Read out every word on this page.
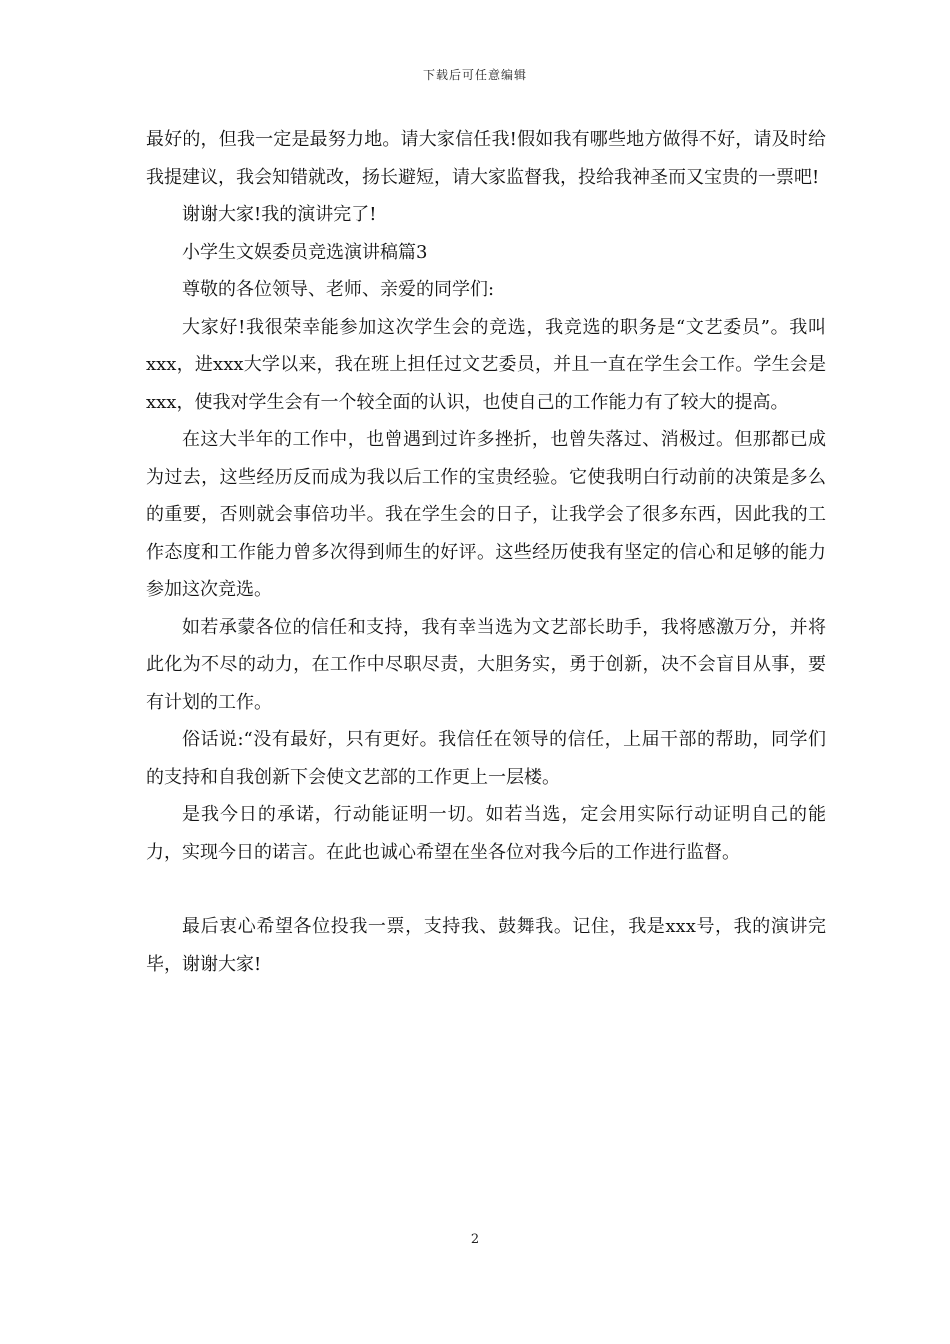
下载后可任意编辑

最好的，但我一定是最努力地。请大家信任我!假如我有哪些地方做得不好，请及时给我提建议，我会知错就改，扬长避短，请大家监督我，投给我神圣而又宝贵的一票吧!

谢谢大家!我的演讲完了!

小学生文娱委员竞选演讲稿篇3

尊敬的各位领导、老师、亲爱的同学们:

大家好!我很荣幸能参加这次学生会的竞选，我竞选的职务是“文艺委员”。我叫xxx，进xxx大学以来，我在班上担任过文艺委员，并且一直在学生会工作。学生会是xxx，使我对学生会有一个较全面的认识，也使自己的工作能力有了较大的提高。

在这大半年的工作中，也曾遇到过许多挫折，也曾失落过、消极过。但那都已成为过去，这些经历反而成为我以后工作的宝贵经验。它使我明白行动前的决策是多么的重要，否则就会事倍功半。我在学生会的日子，让我学会了很多东西，因此我的工作态度和工作能力曾多次得到师生的好评。这些经历使我有坚定的信心和足够的能力参加这次竞选。

如若承蒙各位的信任和支持，我有幸当选为文艺部长助手，我将感激万分，并将此化为不尽的动力，在工作中尽职尽责，大胆务实，勇于创新，决不会盲目从事，要有计划的工作。

俗话说:“没有最好，只有更好。我信任在领导的信任，上届干部的帮助，同学们的支持和自我创新下会使文艺部的工作更上一层楼。

是我今日的承诺，行动能证明一切。如若当选，定会用实际行动证明自己的能力，实现今日的诺言。在此也诚心希望在坐各位对我今后的工作进行监督。

最后衷心希望各位投我一票，支持我、鼓舞我。记住，我是xxx号，我的演讲完毕，谢谢大家!

2
